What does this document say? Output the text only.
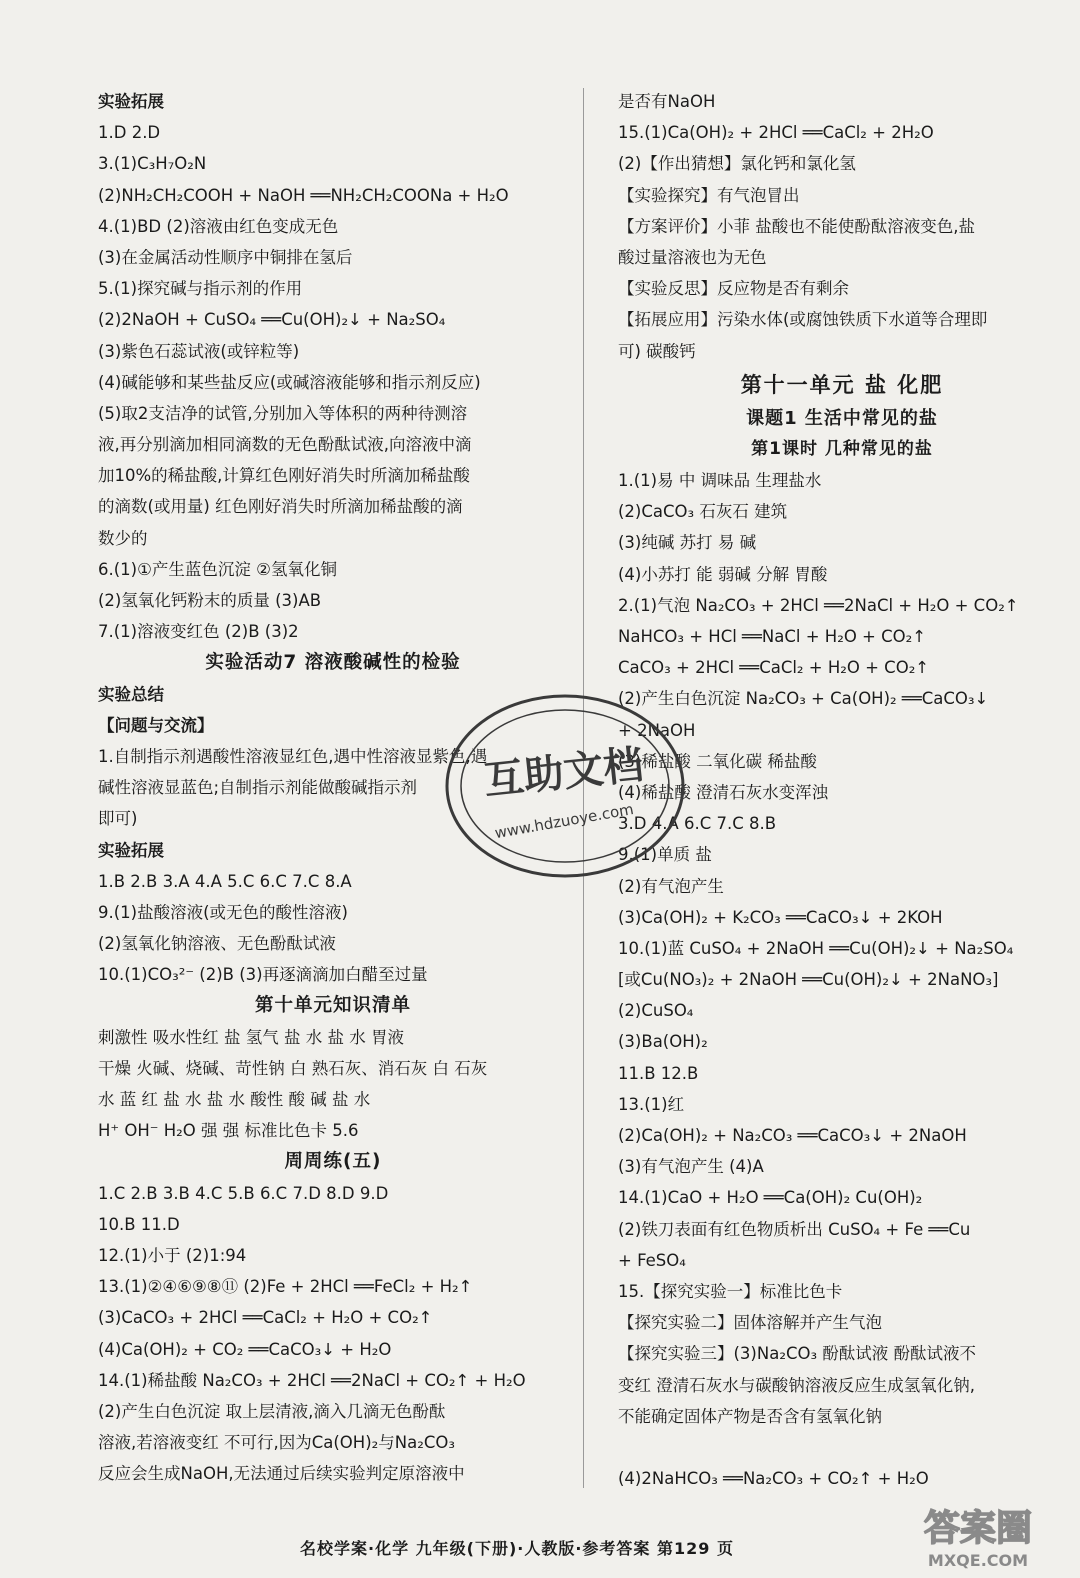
实验拓展
1.D 2.D
3.(1)C₃H₇O₂N
(2)NH₂CH₂COOH + NaOH ══NH₂CH₂COONa + H₂O
4.(1)BD (2)溶液由红色变成无色
(3)在金属活动性顺序中铜排在氢后
5.(1)探究碱与指示剂的作用
(2)2NaOH + CuSO₄ ══Cu(OH)₂↓ + Na₂SO₄
(3)紫色石蕊试液(或锌粒等)
(4)碱能够和某些盐反应(或碱溶液能够和指示剂反应)
(5)取2支洁净的试管,分别加入等体积的两种待测溶
液,再分别滴加相同滴数的无色酚酞试液,向溶液中滴
加10%的稀盐酸,计算红色刚好消失时所滴加稀盐酸
的滴数(或用量) 红色刚好消失时所滴加稀盐酸的滴
数少的
6.(1)①产生蓝色沉淀 ②氢氧化铜
(2)氢氧化钙粉末的质量 (3)AB
7.(1)溶液变红色 (2)B (3)2
实验活动7 溶液酸碱性的检验
实验总结
【问题与交流】
1.自制指示剂遇酸性溶液显红色,遇中性溶液显紫色,遇
碱性溶液显蓝色;自制指示剂能做酸碱指示剂
即可)
实验拓展
1.B 2.B 3.A 4.A 5.C 6.C 7.C 8.A
9.(1)盐酸溶液(或无色的酸性溶液)
(2)氢氧化钠溶液、无色酚酞试液
10.(1)CO₃²⁻ (2)B (3)再逐滴滴加白醋至过量
第十单元知识清单
刺激性 吸水性红 盐 氢气 盐 水 盐 水 胃液
干燥 火碱、烧碱、苛性钠 白 熟石灰、消石灰 白 石灰
水 蓝 红 盐 水 盐 水 酸性 酸 碱 盐 水
H⁺ OH⁻ H₂O 强 强 标准比色卡 5.6
周周练(五)
1.C 2.B 3.B 4.C 5.B 6.C 7.D 8.D 9.D
10.B 11.D
12.(1)小于 (2)1:94
13.(1)②④⑥⑨⑧⑪ (2)Fe + 2HCl ══FeCl₂ + H₂↑
(3)CaCO₃ + 2HCl ══CaCl₂ + H₂O + CO₂↑
(4)Ca(OH)₂ + CO₂ ══CaCO₃↓ + H₂O
14.(1)稀盐酸 Na₂CO₃ + 2HCl ══2NaCl + CO₂↑ + H₂O
(2)产生白色沉淀 取上层清液,滴入几滴无色酚酞
溶液,若溶液变红 不可行,因为Ca(OH)₂与Na₂CO₃
反应会生成NaOH,无法通过后续实验判定原溶液中
是否有NaOH
15.(1)Ca(OH)₂ + 2HCl ══CaCl₂ + 2H₂O
(2)【作出猜想】氯化钙和氯化氢
【实验探究】有气泡冒出
【方案评价】小菲 盐酸也不能使酚酞溶液变色,盐
酸过量溶液也为无色
【实验反思】反应物是否有剩余
【拓展应用】污染水体(或腐蚀铁质下水道等合理即
可) 碳酸钙
第十一单元 盐 化肥
课题1 生活中常见的盐
第1课时 几种常见的盐
1.(1)易 中 调味品 生理盐水
(2)CaCO₃ 石灰石 建筑
(3)纯碱 苏打 易 碱
(4)小苏打 能 弱碱 分解 胃酸
2.(1)气泡 Na₂CO₃ + 2HCl ══2NaCl + H₂O + CO₂↑
NaHCO₃ + HCl ══NaCl + H₂O + CO₂↑
CaCO₃ + 2HCl ══CaCl₂ + H₂O + CO₂↑
(2)产生白色沉淀 Na₂CO₃ + Ca(OH)₂ ══CaCO₃↓
+ 2NaOH
(3)稀盐酸 二氧化碳 稀盐酸
(4)稀盐酸 澄清石灰水变浑浊
3.D 4.A 6.C 7.C 8.B
9.(1)单质 盐
(2)有气泡产生
(3)Ca(OH)₂ + K₂CO₃ ══CaCO₃↓ + 2KOH
10.(1)蓝 CuSO₄ + 2NaOH ══Cu(OH)₂↓ + Na₂SO₄
[或Cu(NO₃)₂ + 2NaOH ══Cu(OH)₂↓ + 2NaNO₃]
(2)CuSO₄
(3)Ba(OH)₂
11.B 12.B
13.(1)红
(2)Ca(OH)₂ + Na₂CO₃ ══CaCO₃↓ + 2NaOH
(3)有气泡产生 (4)A
14.(1)CaO + H₂O ══Ca(OH)₂ Cu(OH)₂
(2)铁刀表面有红色物质析出 CuSO₄ + Fe ══Cu
+ FeSO₄
15.【探究实验一】标准比色卡
【探究实验二】固体溶解并产生气泡
【探究实验三】(3)Na₂CO₃ 酚酞试液 酚酞试液不
变红 澄清石灰水与碳酸钠溶液反应生成氢氧化钠,
不能确定固体产物是否含有氢氧化钠
(4)2NaHCO₃ ══Na₂CO₃ + CO₂↑ + H₂O
互助文档
www.hdzuoye.com
答案圈
MXQE.COM
名校学案·化学 九年级(下册)·人教版·参考答案 第129 页
